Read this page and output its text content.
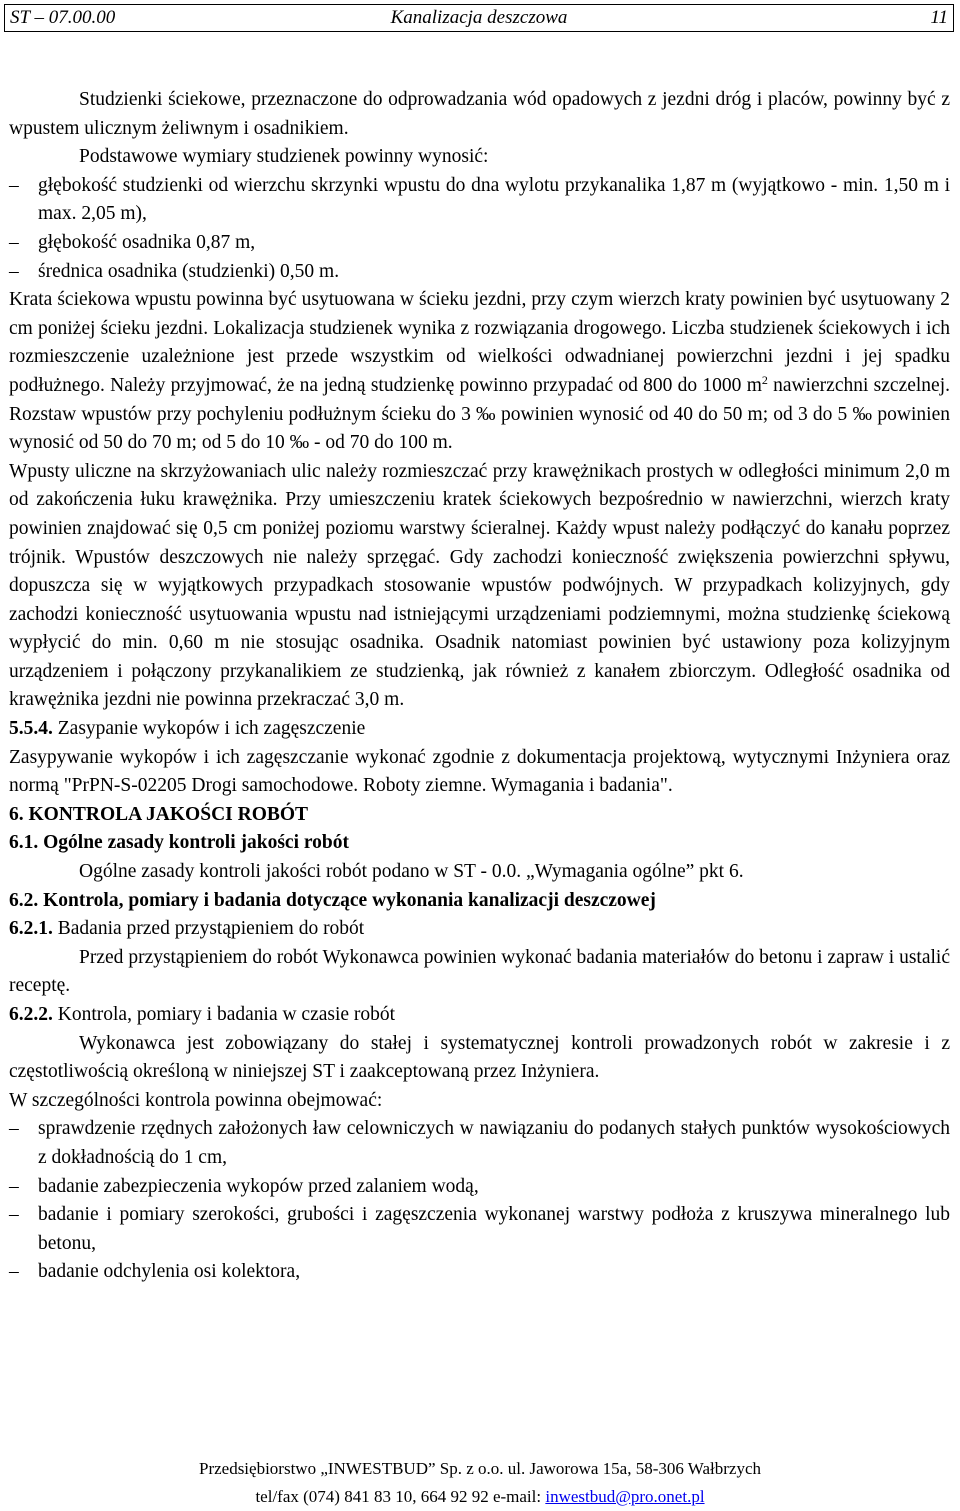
ST – 07.00.00	Kanalizacja deszczowa	11

Studzienki ściekowe, przeznaczone do odprowadzania wód opadowych z jezdni dróg i placów, powinny być z wpustem ulicznym żeliwnym i osadnikiem.

Podstawowe wymiary studzienek powinny wynosić:

– głębokość studzienki od wierzchu skrzynki wpustu do dna wylotu przykanalika 1,87 m (wyjątkowo - min. 1,50 m i max. 2,05 m),
– głębokość osadnika 0,87 m,
– średnica osadnika (studzienki) 0,50 m.

Krata ściekowa wpustu powinna być usytuowana w ścieku jezdni, przy czym wierzch kraty powinien być usytuowany 2 cm poniżej ścieku jezdni. Lokalizacja studzienek wynika z rozwiązania drogowego. Liczba studzienek ściekowych i ich rozmieszczenie uzależnione jest przede wszystkim od wielkości odwadnianej powierzchni jezdni i jej spadku podłużnego. Należy przyjmować, że na jedną studzienkę powinno przypadać od 800 do 1000 $m^2$ nawierzchni szczelnej. Rozstaw wpustów przy pochyleniu podłużnym ścieku do 3 ‰ powinien wynosić od 40 do 50 m; od 3 do 5 ‰ powinien wynosić od 50 do 70 m; od 5 do 10 ‰ - od 70 do 100 m.

Wpusty uliczne na skrzyżowaniach ulic należy rozmieszczać przy krawężnikach prostych w odległości minimum 2,0 m od zakończenia łuku krawężnika. Przy umieszczeniu kratek ściekowych bezpośrednio w nawierzchni, wierzch kraty powinien znajdować się 0,5 cm poniżej poziomu warstwy ścieralnej. Każdy wpust należy podłączyć do kanału poprzez trójnik. Wpustów deszczowych nie należy sprzęgać. Gdy zachodzi konieczność zwiększenia powierzchni spływu, dopuszcza się w wyjątkowych przypadkach stosowanie wpustów podwójnych. W przypadkach kolizyjnych, gdy zachodzi konieczność usytuowania wpustu nad istniejącymi urządzeniami podziemnymi, można studzienkę ściekową wypłycić do min. 0,60 m nie stosując osadnika. Osadnik natomiast powinien być ustawiony poza kolizyjnym urządzeniem i połączony przykanalikiem ze studzienką, jak również z kanałem zbiorczym. Odległość osadnika od krawężnika jezdni nie powinna przekraczać 3,0 m.

5.5.4. Zasypanie wykopów i ich zagęszczenie

Zasypywanie wykopów i ich zagęszczanie wykonać zgodnie z dokumentacja projektową, wytycznymi Inżyniera oraz normą "PrPN-S-02205 Drogi samochodowe. Roboty ziemne. Wymagania i badania".

6. KONTROLA JAKOŚCI ROBÓT
6.1. Ogólne zasady kontroli jakości robót

Ogólne zasady kontroli jakości robót podano w ST - 0.0. „Wymagania ogólne” pkt 6.

6.2. Kontrola, pomiary i badania dotyczące wykonania kanalizacji deszczowej
6.2.1. Badania przed przystąpieniem do robót

Przed przystąpieniem do robót Wykonawca powinien wykonać badania materiałów do betonu i zapraw i ustalić receptę.

6.2.2. Kontrola, pomiary i badania w czasie robót

Wykonawca jest zobowiązany do stałej i systematycznej kontroli prowadzonych robót w zakresie i z częstotliwością określoną w niniejszej ST i zaakceptowaną przez Inżyniera.

W szczególności kontrola powinna obejmować:

– sprawdzenie rzędnych założonych ław celowniczych w nawiązaniu do podanych stałych punktów wysokościowych z dokładnością do 1 cm,
– badanie zabezpieczenia wykopów przed zalaniem wodą,
– badanie i pomiary szerokości, grubości i zagęszczenia wykonanej warstwy podłoża z kruszywa mineralnego lub betonu,
– badanie odchylenia osi kolektora,
Przedsiębiorstwo „INWESTBUD” Sp. z o.o. ul. Jaworowa 15a, 58-306 Wałbrzych
tel/fax (074) 841 83 10, 664 92 92 e-mail: inwestbud@pro.onet.pl
